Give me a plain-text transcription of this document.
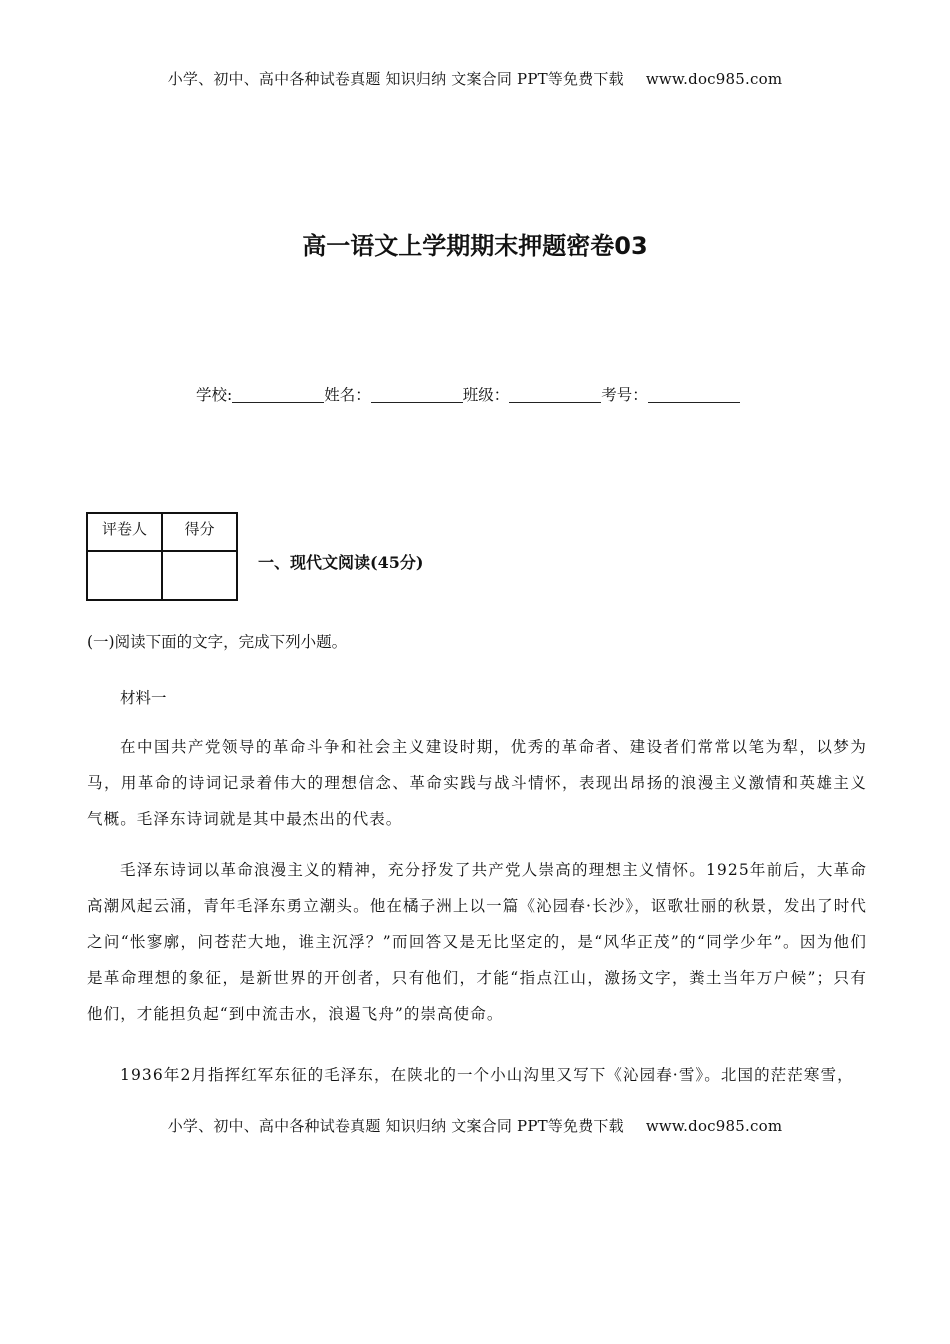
小学、初中、高中各种试卷真题 知识归纳 文案合同 PPT等免费下载 www.doc985.com
高一语文上学期期末押题密卷03
学校:	姓名：	班级：	考号：
评卷人	得分

一、现代文阅读(45分)

(一)阅读下面的文字，完成下列小题。

材料一

在中国共产党领导的革命斗争和社会主义建设时期，优秀的革命者、建设者们常常以笔为犁，以梦为马，用革命的诗词记录着伟大的理想信念、革命实践与战斗情怀，表现出昂扬的浪漫主义激情和英雄主义气概。毛泽东诗词就是其中最杰出的代表。

毛泽东诗词以革命浪漫主义的精神，充分抒发了共产党人崇高的理想主义情怀。1925年前后，大革命高潮风起云涌，青年毛泽东勇立潮头。他在橘子洲上以一篇《沁园春·长沙》，讴歌壮丽的秋景，发出了时代之问“怅寥廓，问苍茫大地，谁主沉浮？”而回答又是无比坚定的，是“风华正茂”的“同学少年”。因为他们是革命理想的象征，是新世界的开创者，只有他们，才能“指点江山，激扬文字，粪土当年万户候”；只有他们，才能担负起“到中流击水，浪遏飞舟”的崇高使命。

1936年2月指挥红军东征的毛泽东，在陕北的一个小山沟里又写下《沁园春·雪》。北国的茫茫寒雪，

小学、初中、高中各种试卷真题 知识归纳 文案合同 PPT等免费下载 www.doc985.com
